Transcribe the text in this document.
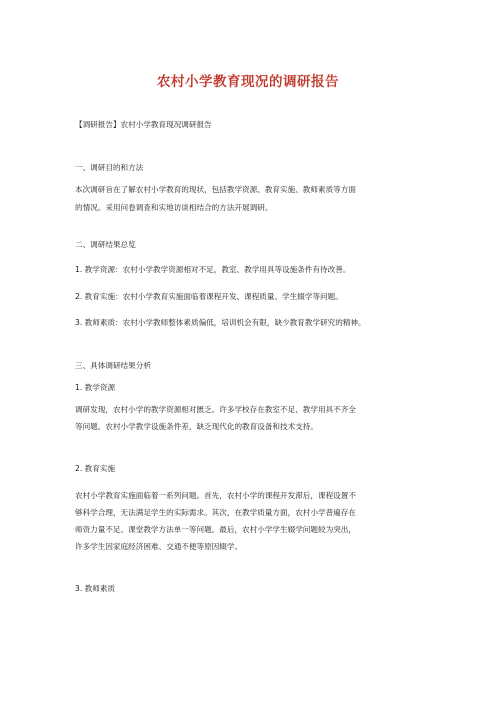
农村小学教育现况的调研报告
【调研报告】农村小学教育现况调研报告
一、调研目的和方法
本次调研旨在了解农村小学教育的现状，包括教学资源、教育实施、教师素质等方面
的情况。采用问卷调查和实地访谈相结合的方法开展调研。
二、调研结果总览
1. 教学资源：农村小学教学资源相对不足，教室、教学用具等设施条件有待改善。
2. 教育实施：农村小学教育实施面临着课程开发、课程质量、学生辍学等问题。
3. 教师素质：农村小学教师整体素质偏低，培训机会有限，缺少教育教学研究的精神。
三、具体调研结果分析
1. 教学资源
调研发现，农村小学的教学资源相对匮乏。许多学校存在教室不足、教学用具不齐全
等问题。农村小学教学设施条件差，缺乏现代化的教育设备和技术支持。
2. 教育实施
农村小学教育实施面临着一系列问题。首先，农村小学的课程开发滞后，课程设置不
够科学合理，无法满足学生的实际需求。其次，在教学质量方面，农村小学普遍存在
师资力量不足、课堂教学方法单一等问题。最后，农村小学学生辍学问题较为突出，
许多学生因家庭经济困难、交通不便等原因辍学。
3. 教师素质
